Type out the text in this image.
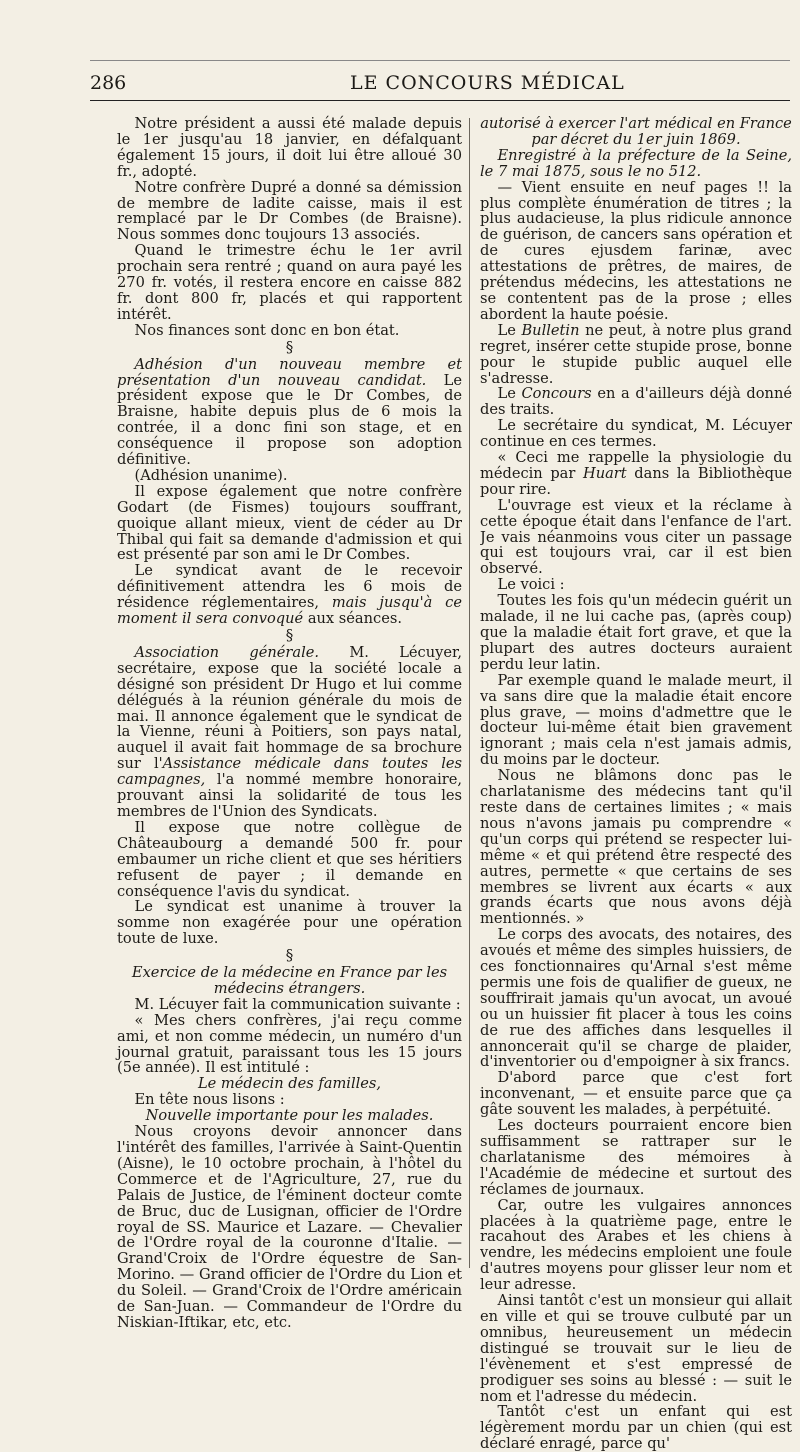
286	LE CONCOURS MÉDICAL

Notre président a aussi été malade depuis le 1er jusqu'au 18 janvier, en défalquant également 15 jours, il doit lui être alloué 30 fr., adopté.

Notre confrère Dupré a donné sa démission de membre de ladite caisse, mais il est remplacé par le Dr Combes (de Braisne). Nous sommes donc toujours 13 associés.

Quand le trimestre échu le 1er avril prochain sera rentré ; quand on aura payé les 270 fr. votés, il restera encore en caisse 882 fr. dont 800 fr, placés et qui rapportent intérêt.

Nos finances sont donc en bon état.

§

Adhésion d'un nouveau membre et présentation d'un nouveau candidat. Le président expose que le Dr Combes, de Braisne, habite depuis plus de 6 mois la contrée, il a donc fini son stage, et en conséquence il propose son adoption définitive.

(Adhésion unanime).

Il expose également que notre confrère Godart (de Fismes) toujours souffrant, quoique allant mieux, vient de céder au Dr Thibal qui fait sa demande d'admission et qui est présenté par son ami le Dr Combes.

Le syndicat avant de le recevoir définitivement attendra les 6 mois de résidence réglementaires, mais jusqu'à ce moment il sera convoqué aux séances.

§

Association générale. M. Lécuyer, secrétaire, expose que la société locale a désigné son président Dr Hugo et lui comme délégués à la réunion générale du mois de mai. Il annonce également que le syndicat de la Vienne, réuni à Poitiers, son pays natal, auquel il avait fait hommage de sa brochure sur l'Assistance médicale dans toutes les campagnes, l'a nommé membre honoraire, prouvant ainsi la solidarité de tous les membres de l'Union des Syndicats.

Il expose que notre collègue de Châteaubourg a demandé 500 fr. pour embaumer un riche client et que ses héritiers refusent de payer ; il demande en conséquence l'avis du syndicat.

Le syndicat est unanime à trouver la somme non exagérée pour une opération toute de luxe.

§

Exercice de la médecine en France par les médecins étrangers.

M. Lécuyer fait la communication suivante :

« Mes chers confrères, j'ai reçu comme ami, et non comme médecin, un numéro d'un journal gratuit, paraissant tous les 15 jours (5e année). Il est intitulé :

Le médecin des familles,

En tête nous lisons :

Nouvelle importante pour les malades.

Nous croyons devoir annoncer dans l'intérêt des familles, l'arrivée à Saint-Quentin (Aisne), le 10 octobre prochain, à l'hôtel du Commerce et de l'Agriculture, 27, rue du Palais de Justice, de l'éminent docteur comte de Bruc, duc de Lusignan, officier de l'Ordre royal de SS. Maurice et Lazare. — Chevalier de l'Ordre royal de la couronne d'Italie. — Grand'Croix de l'Ordre équestre de San-Morino. — Grand officier de l'Ordre du Lion et du Soleil. — Grand'Croix de l'Ordre américain de San-Juan. — Commandeur de l'Ordre du Niskian-Iftikar, etc, etc.

autorisé à exercer l'art médical en France par décret du 1er juin 1869.

Enregistré à la préfecture de la Seine, le 7 mai 1875, sous le no 512.

— Vient ensuite en neuf pages !! la plus complète énumération de titres ; la plus audacieuse, la plus ridicule annonce de guérison, de cancers sans opération et de cures ejusdem farinæ, avec attestations de prêtres, de maires, de prétendus médecins, les attestations ne se contentent pas de la prose ; elles abordent la haute poésie.

Le Bulletin ne peut, à notre plus grand regret, insérer cette stupide prose, bonne pour le stupide public auquel elle s'adresse.

Le Concours en a d'ailleurs déjà donné des traits.

Le secrétaire du syndicat, M. Lécuyer continue en ces termes.

« Ceci me rappelle la physiologie du médecin par Huart dans la Bibliothèque pour rire.

L'ouvrage est vieux et la réclame à cette époque était dans l'enfance de l'art. Je vais néanmoins vous citer un passage qui est toujours vrai, car il est bien observé.

Le voici :

Toutes les fois qu'un médecin guérit un malade, il ne lui cache pas, (après coup) que la maladie était fort grave, et que la plupart des autres docteurs auraient perdu leur latin.

Par exemple quand le malade meurt, il va sans dire que la maladie était encore plus grave, — moins d'admettre que le docteur lui-même était bien gravement ignorant ; mais cela n'est jamais admis, du moins par le docteur.

Nous ne blâmons donc pas le charlatanisme des médecins tant qu'il reste dans de certaines limites ; « mais nous n'avons jamais pu comprendre « qu'un corps qui prétend se respecter lui-même « et qui prétend être respecté des autres, permette « que certains de ses membres se livrent aux écarts « aux grands écarts que nous avons déjà mentionnés. »

Le corps des avocats, des notaires, des avoués et même des simples huissiers, de ces fonctionnaires qu'Arnal s'est même permis une fois de qualifier de gueux, ne souffrirait jamais qu'un avocat, un avoué ou un huissier fit placer à tous les coins de rue des affiches dans lesquelles il annoncerait qu'il se charge de plaider, d'inventorier ou d'empoigner à six francs.

D'abord parce que c'est fort inconvenant, — et ensuite parce que ça gâte souvent les malades, à perpétuité.

Les docteurs pourraient encore bien suffisamment se rattraper sur le charlatanisme des mémoires à l'Académie de médecine et surtout des réclames de journaux.

Car, outre les vulgaires annonces placées à la quatrième page, entre le racahout des Arabes et les chiens à vendre, les médecins emploient une foule d'autres moyens pour glisser leur nom et leur adresse.

Ainsi tantôt c'est un monsieur qui allait en ville et qui se trouve culbuté par un omnibus, heureusement un médecin distingué se trouvait sur le lieu de l'évènement et s'est empressé de prodiguer ses soins au blessé : — suit le nom et l'adresse du médecin.

Tantôt c'est un enfant qui est légèrement mordu par un chien (qui est déclaré enragé, parce qu'
